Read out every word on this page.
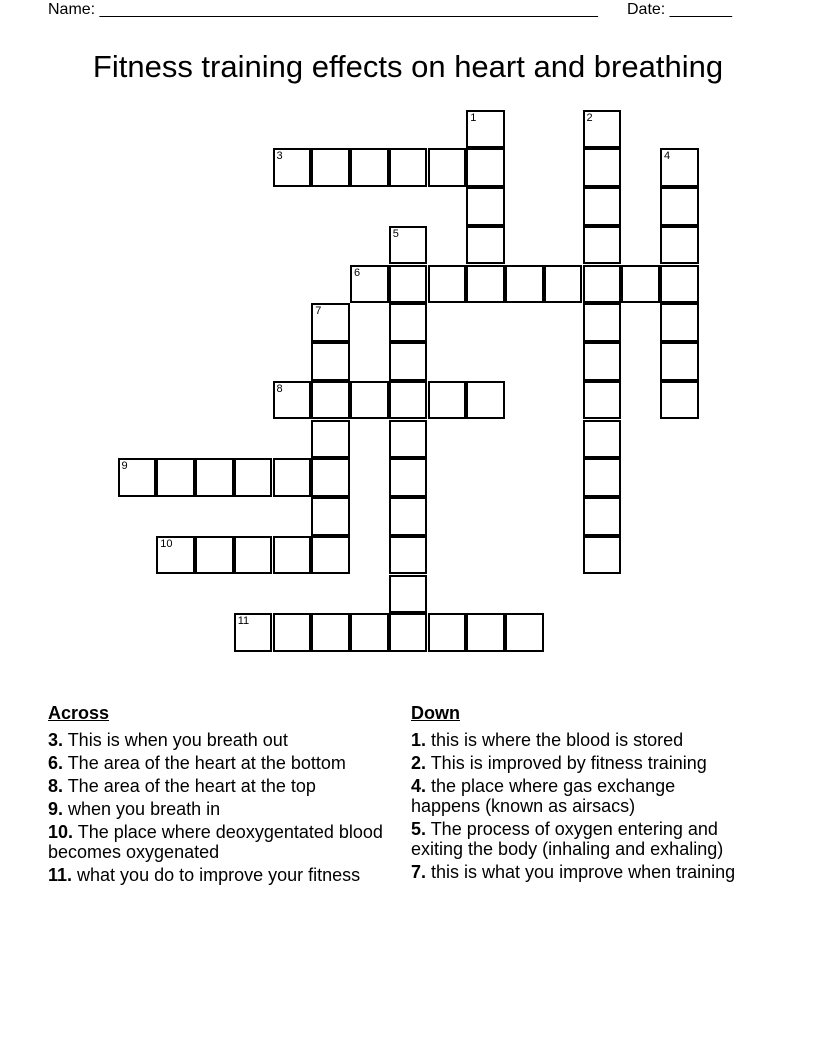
Name: ________________________________________________________ Date: _______
Fitness training effects on heart and breathing
1	2
3	4
5
6
7
8
9
10
11
Across
3. This is when you breath out
6. The area of the heart at the bottom
8. The area of the heart at the top
9. when you breath in
10. The place where deoxygentated blood becomes oxygenated
11. what you do to improve your fitness
Down
1. this is where the blood is stored
2. This is improved by fitness training
4. the place where gas exchange happens (known as airsacs)
5. The process of oxygen entering and exiting the body (inhaling and exhaling)
7. this is what you improve when training
